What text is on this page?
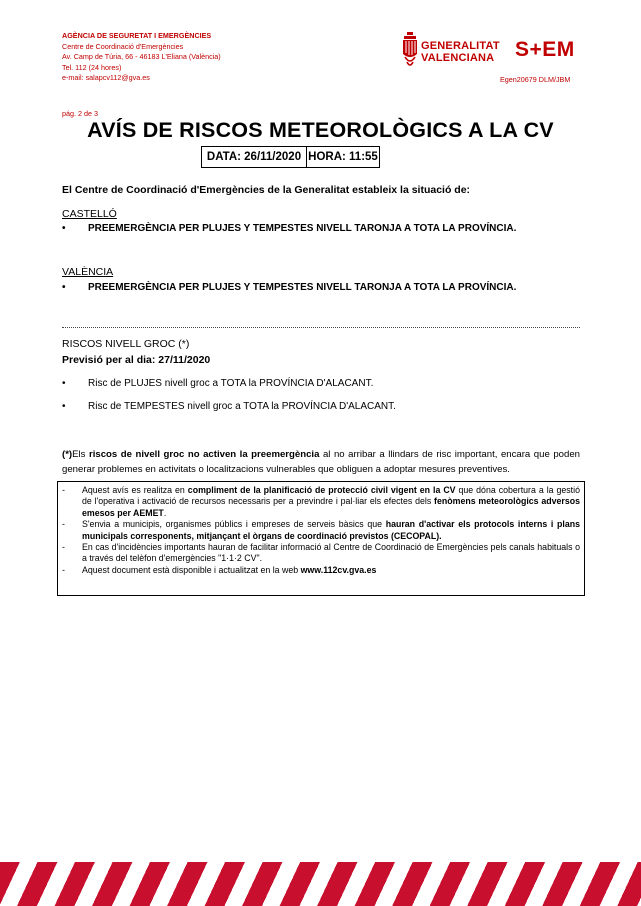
AGÈNCIA DE SEGURETAT I EMERGÈNCIES
Centre de Coordinació d'Emergències
Av. Camp de Túria, 66 - 46183 L'Eliana (València)
Tel. 112 (24 hores)
e-mail: salapcv112@gva.es
GENERALITAT
VALENCIANA S+EM
Egen20679 DLM/JBM
pág. 2 de 3
AVÍS DE RISCOS METEOROLÒGICS A LA CV
DATA: 26/11/2020 HORA: 11:55
El Centre de Coordinació d'Emergències de la Generalitat estableix la situació de:
CASTELLÓ
•	PREEMERGÈNCIA PER PLUJES Y TEMPESTES NIVELL TARONJA A TOTA LA PROVÍNCIA.
VALÈNCIA
•	PREEMERGÈNCIA PER PLUJES Y TEMPESTES NIVELL TARONJA A TOTA LA PROVÍNCIA.
RISCOS NIVELL GROC (*)
Previsió per al dia: 27/11/2020
•	Risc de PLUJES nivell groc a TOTA la PROVÍNCIA D'ALACANT.
•	Risc de TEMPESTES nivell groc a TOTA la PROVÍNCIA D'ALACANT.
(*)Els riscos de nivell groc no activen la preemergència al no arribar a llindars de risc important, encara que poden generar problemes en activitats o localitzacions vulnerables que obliguen a adoptar mesures preventives.
-	Aquest avís es realitza en compliment de la planificació de protecció civil vigent en la CV que dóna cobertura a la gestió de l'operativa i activació de recursos necessaris per a previndre i pal·liar els efectes dels fenòmens meteorològics adversos emesos per AEMET.
-	S'envia a municipis, organismes públics i empreses de serveis bàsics que hauran d'activar els protocols interns i plans municipals corresponents, mitjançant el òrgans de coordinació previstos (CECOPAL).
-	En cas d'incidències importants hauran de facilitar informació al Centre de Coordinació de Emergències pels canals habituals o a través del telèfon d'emergències "1·1·2 CV".
-	Aquest document està disponible i actualitzat en la web www.112cv.gva.es
